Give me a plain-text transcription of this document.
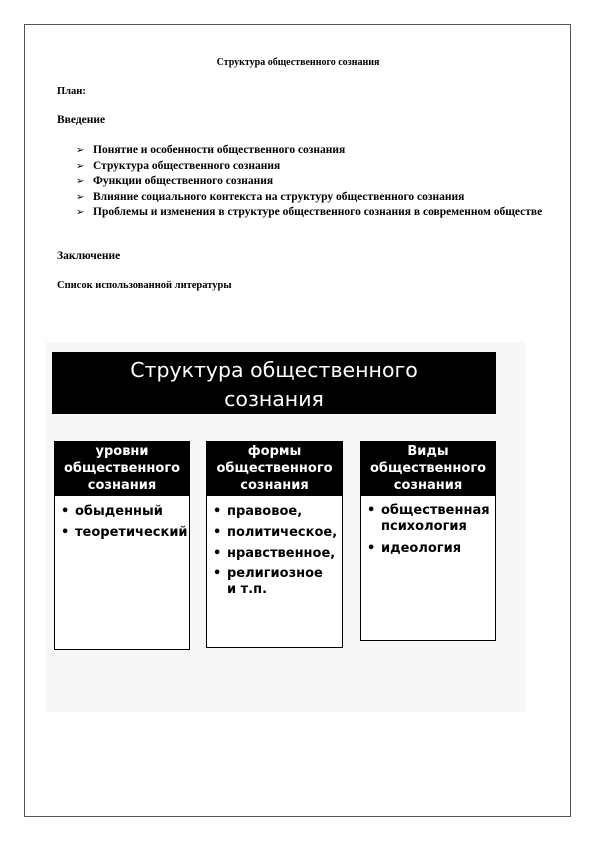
Структура общественного сознания
План:
Введение
➢ Понятие и особенности общественного сознания
➢ Структура общественного сознания
➢ Функции общественного сознания
➢ Влияние социального контекста на структуру общественного сознания
➢ Проблемы и изменения в структуре общественного сознания в современном обществе
Заключение
Список использованной литературы
Структура общественного
сознания
уровни
общественного
сознания
• обыденный
• теоретический
формы
общественного
сознания
• правовое,
• политическое,
• нравственное,
• религиозное и т.п.
Виды
общественного
сознания
• общественная психология
• идеология
